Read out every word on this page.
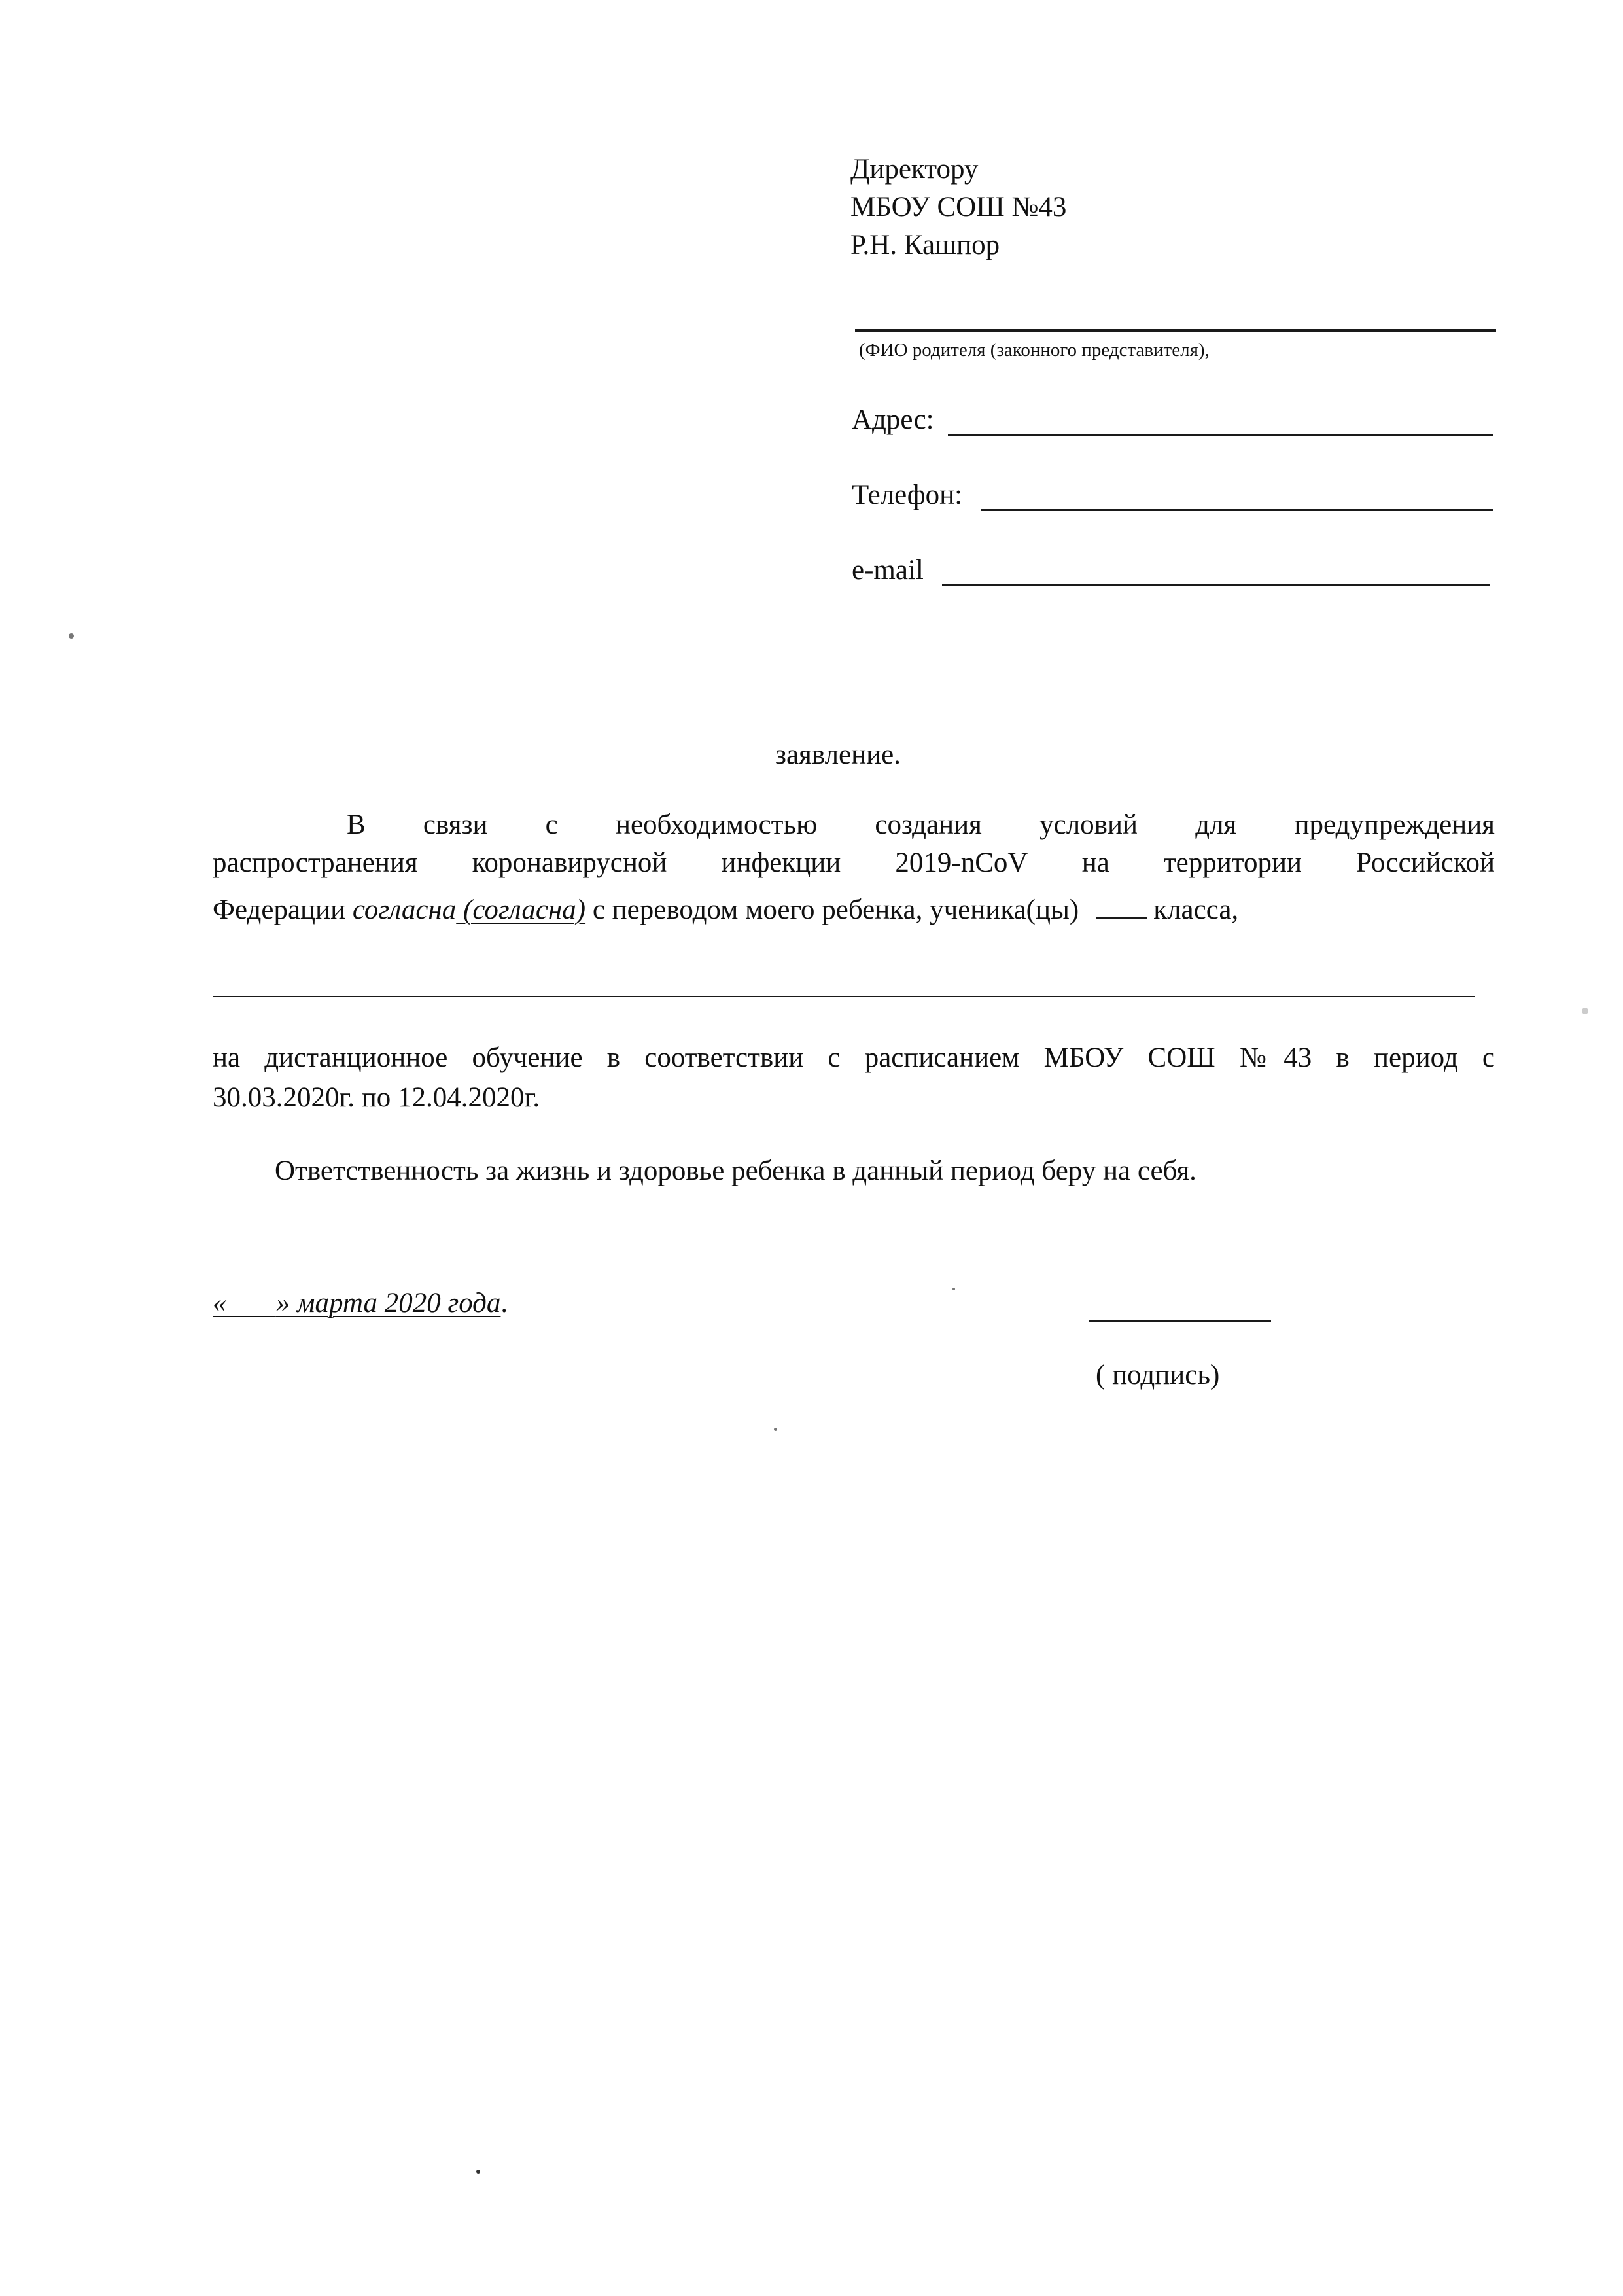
Директору
МБОУ СОШ №43
Р.Н. Кашпор
(ФИО родителя (законного представителя),
Адрес:
Телефон:
e-mail
заявление.
В связи с необходимостью создания условий для предупреждения
распространения коронавирусной инфекции 2019-nCoV на территории Российской
Федерации согласна (согласна) с переводом моего ребенка, ученика(цы)	класса,
на дистанционное обучение в соответствии с расписанием МБОУ СОШ №43 в период с
30.03.2020г. по 12.04.2020г.
Ответственность за жизнь и здоровье ребенка в данный период беру на себя.
« » марта 2020 года.
( подпись)
